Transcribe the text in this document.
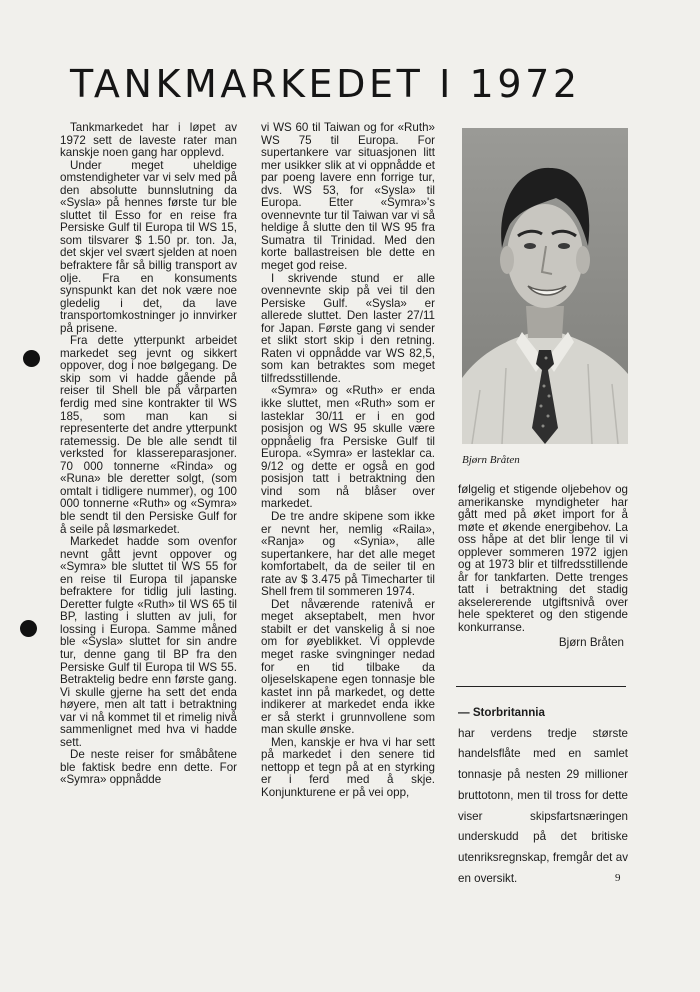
TANKMARKEDET I 1972

Tankmarkedet har i løpet av 1972 sett de laveste rater man kanskje noen gang har opplevd.

Under meget uheldige omstendigheter var vi selv med på den absolutte bunnslutning da «Sysla» på hennes første tur ble sluttet til Esso for en reise fra Persiske Gulf til Europa til WS 15, som tilsvarer $ 1.50 pr. ton. Ja, det skjer vel svært sjelden at noen befraktere får så billig transport av olje. Fra en konsuments synspunkt kan det nok være noe gledelig i det, da lave transportomkostninger jo innvirker på prisene.

Fra dette ytterpunkt arbeidet markedet seg jevnt og sikkert oppover, dog i noe bølgegang. De skip som vi hadde gående på reiser til Shell ble på vårparten ferdig med sine kontrakter til WS 185, som man kan si representerte det andre ytterpunkt ratemessig. De ble alle sendt til verksted for klassereparasjoner. 70 000 tonnerne «Rinda» og «Runa» ble deretter solgt, (som omtalt i tidligere nummer), og 100 000 tonnerne «Ruth» og «Symra» ble sendt til den Persiske Gulf for å seile på løsmarkedet.

Markedet hadde som ovenfor nevnt gått jevnt oppover og «Symra» ble sluttet til WS 55 for en reise til Europa til japanske befraktere for tidlig juli lasting. Deretter fulgte «Ruth» til WS 65 til BP, lasting i slutten av juli, for lossing i Europa. Samme måned ble «Sysla» sluttet for sin andre tur, denne gang til BP fra den Persiske Gulf til Europa til WS 55. Betraktelig bedre enn første gang. Vi skulle gjerne ha sett det enda høyere, men alt tatt i betraktning var vi nå kommet til et rimelig nivå sammenlignet med hva vi hadde sett.

De neste reiser for småbåtene ble faktisk bedre enn dette. For «Symra» oppnådde

vi WS 60 til Taiwan og for «Ruth» WS 75 til Europa. For supertankere var situasjonen litt mer usikker slik at vi oppnådde et par poeng lavere enn forrige tur, dvs. WS 53, for «Sysla» til Europa. Etter «Symra»'s ovennevnte tur til Taiwan var vi så heldige å slutte den til WS 95 fra Sumatra til Trinidad. Med den korte ballastreisen ble dette en meget god reise.

I skrivende stund er alle ovennevnte skip på vei til den Persiske Gulf. «Sysla» er allerede sluttet. Den laster 27/11 for Japan. Første gang vi sender et slikt stort skip i den retning. Raten vi oppnådde var WS 82,5, som kan betraktes som meget tilfredsstillende.

«Symra» og «Ruth» er enda ikke sluttet, men «Ruth» som er lasteklar 30/11 er i en god posisjon og WS 95 skulle være oppnåelig fra Persiske Gulf til Europa. «Symra» er lasteklar ca. 9/12 og dette er også en god posisjon tatt i betraktning den vind som nå blåser over markedet.

De tre andre skipene som ikke er nevnt her, nemlig «Raila», «Ranja» og «Synia», alle supertankere, har det alle meget komfortabelt, da de seiler til en rate av $ 3.475 på Timecharter til Shell frem til sommeren 1974.

Det nåværende ratenivå er meget akseptabelt, men hvor stabilt er det vanskelig å si noe om for øyeblikket. Vi opplevde meget raske svingninger nedad for en tid tilbake da oljeselskapene egen tonnasje ble kastet inn på markedet, og dette indikerer at markedet enda ikke er så sterkt i grunnvollene som man skulle ønske.

Men, kanskje er hva vi har sett på markedet i den senere tid nettopp et tegn på at en styrking er i ferd med å skje. Konjunkturene er på vei opp,

Bjørn Bråten

følgelig et stigende oljebehov og amerikanske myndigheter har gått med på øket import for å møte et økende energibehov. La oss håpe at det blir lenge til vi opplever sommeren 1972 igjen og at 1973 blir et tilfredsstillende år for tankfarten. Dette trenges tatt i betraktning det stadig akselererende utgiftsnivå over hele spekteret og den stigende konkurranse.

Bjørn Bråten

— Storbritannia

har verdens tredje største handelsflåte med en samlet tonnasje på nesten 29 millioner bruttotonn, men til tross for dette viser skipsfartsnæringen underskudd på det britiske utenriksregnskap, fremgår det av en oversikt.	9
